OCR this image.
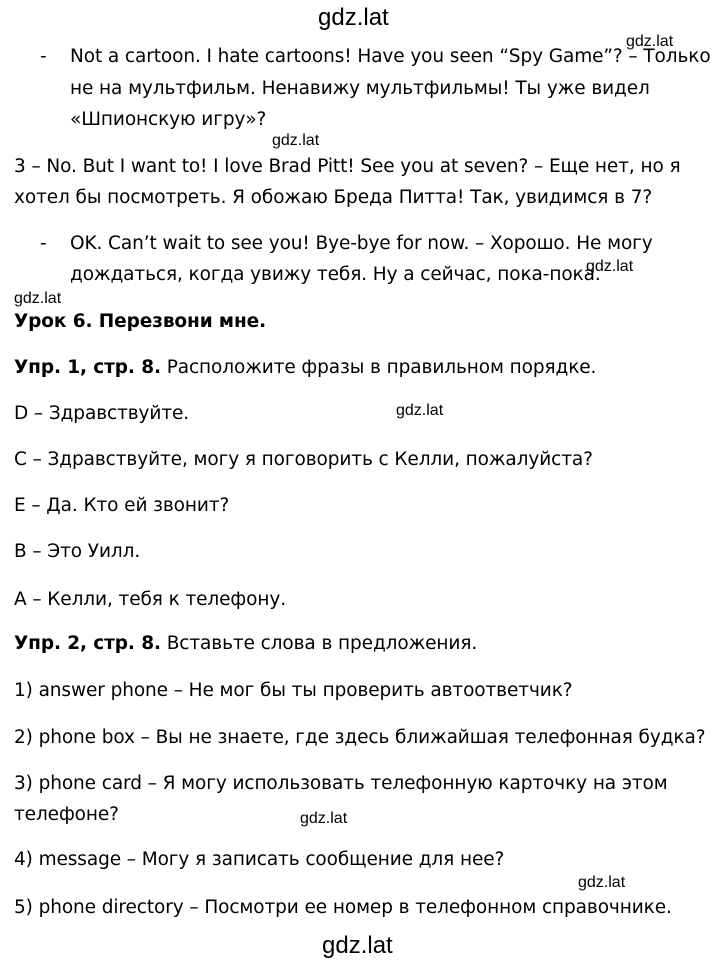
gdz.lat
gdz.lat
gdz.lat
gdz.lat
gdz.lat
gdz.lat
gdz.lat
gdz.lat
gdz.lat
- Not a cartoon. I hate cartoons! Have you seen “Spy Game”? – Только
не на мультфильм. Ненавижу мультфильмы! Ты уже видел
«Шпионскую игру»?
3 – No. But I want to! I love Brad Pitt! See you at seven? – Еще нет, но я
хотел бы посмотреть. Я обожаю Бреда Питта! Так, увидимся в 7?
- OK. Can’t wait to see you! Bye-bye for now. – Хорошо. Не могу
дождаться, когда увижу тебя. Ну а сейчас, пока-пока.
Урок 6. Перезвони мне.
Упр. 1, стр. 8. Расположите фразы в правильном порядке.
D – Здравствуйте.
C – Здравствуйте, могу я поговорить с Келли, пожалуйста?
E – Да. Кто ей звонит?
B – Это Уилл.
A – Келли, тебя к телефону.
Упр. 2, стр. 8. Вставьте слова в предложения.
1) answer phone – Не мог бы ты проверить автоответчик?
2) phone box – Вы не знаете, где здесь ближайшая телефонная будка?
3) phone card – Я могу использовать телефонную карточку на этом
телефоне?
4) message – Могу я записать сообщение для нее?
5) phone directory – Посмотри ее номер в телефонном справочнике.
